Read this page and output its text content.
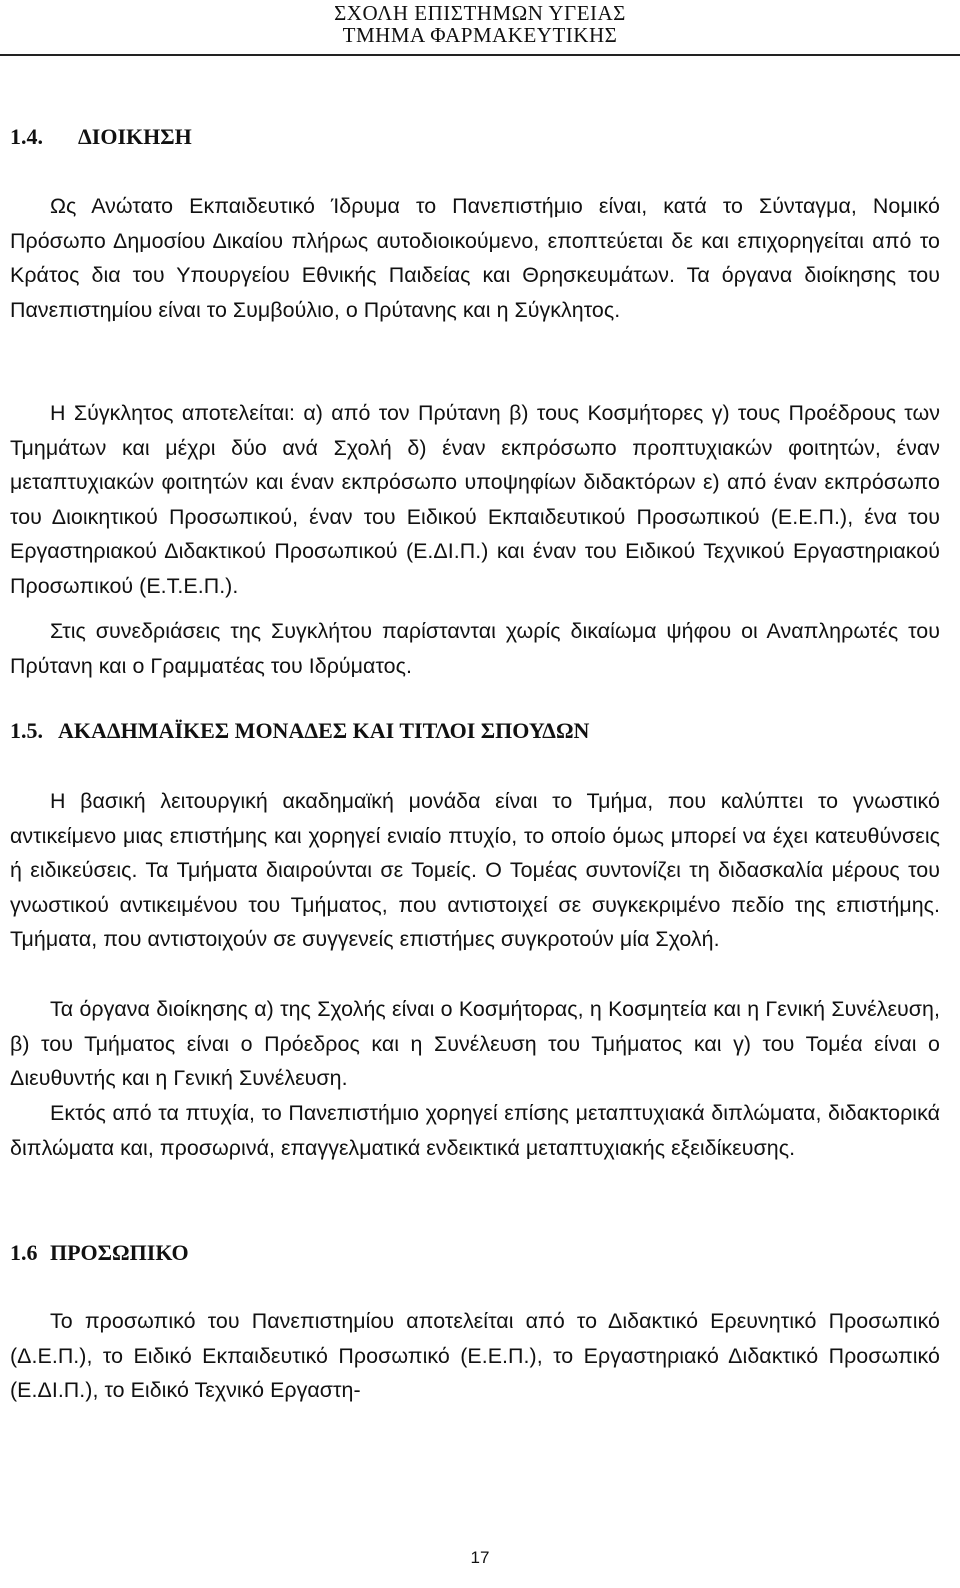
ΣΧΟΛΗ ΕΠΙΣΤΗΜΩΝ ΥΓΕΙΑΣ
ΤΜΗΜΑ ΦΑΡΜΑΚΕΥΤΙΚΗΣ
1.4. ΔΙΟΙΚΗΣΗ

Ως Ανώτατο Εκπαιδευτικό Ίδρυμα το Πανεπιστήμιο είναι, κατά το Σύνταγμα, Νομικό Πρόσωπο Δημοσίου Δικαίου πλήρως αυτοδιοικούμενο, εποπτεύεται δε και επιχορηγείται από το Κράτος δια του Υπουργείου Εθνικής Παιδείας και Θρησκευμάτων. Τα όργανα διοίκησης του Πανεπιστημίου είναι το Συμβούλιο, ο Πρύτανης και η Σύγκλητος.

Η Σύγκλητος αποτελείται: α) από τον Πρύτανη β) τους Κοσμήτορες γ) τους Προέδρους των Τμημάτων και μέχρι δύο ανά Σχολή δ) έναν εκπρόσωπο προπτυχιακών φοιτητών, έναν μεταπτυχιακών φοιτητών και έναν εκπρόσωπο υποψηφίων διδακτόρων ε) από έναν εκπρόσωπο του Διοικητικού Προσωπικού, έναν του Ειδικού Εκπαιδευτικού Προσωπικού (Ε.Ε.Π.), ένα του Εργαστηριακού Διδακτικού Προσωπικού (Ε.ΔΙ.Π.) και έναν του Ειδικού Τεχνικού Εργαστηριακού Προσωπικού (Ε.Τ.Ε.Π.).

Στις συνεδριάσεις της Συγκλήτου παρίστανται χωρίς δικαίωμα ψήφου οι Αναπληρωτές του Πρύτανη και ο Γραμματέας του Ιδρύματος.

1.5. ΑΚΑΔΗΜΑΪΚΕΣ ΜΟΝΑΔΕΣ ΚΑΙ ΤΙΤΛΟΙ ΣΠΟΥΔΩΝ

Η βασική λειτουργική ακαδημαϊκή μονάδα είναι το Τμήμα, που καλύπτει το γνωστικό αντικείμενο μιας επιστήμης και χορηγεί ενιαίο πτυχίο, το οποίο όμως μπορεί να έχει κατευθύνσεις ή ειδικεύσεις. Τα Τμήματα διαιρούνται σε Τομείς. Ο Τομέας συντονίζει τη διδασκαλία μέρους του γνωστικού αντικειμένου του Τμήματος, που αντιστοιχεί σε συγκεκριμένο πεδίο της επιστήμης. Τμήματα, που αντιστοιχούν σε συγγενείς επιστήμες συγκροτούν μία Σχολή.

Τα όργανα διοίκησης α) της Σχολής είναι ο Κοσμήτορας, η Κοσμητεία και η Γενική Συνέλευση, β) του Τμήματος είναι ο Πρόεδρος και η Συνέλευση του Τμήματος και γ) του Τομέα είναι ο Διευθυντής και η Γενική Συνέλευση.

Εκτός από τα πτυχία, το Πανεπιστήμιο χορηγεί επίσης μεταπτυχιακά διπλώματα, διδακτορικά διπλώματα και, προσωρινά, επαγγελματικά ενδεικτικά μεταπτυχιακής εξειδίκευσης.

1.6 ΠΡΟΣΩΠΙΚΟ

Το προσωπικό του Πανεπιστημίου αποτελείται από το Διδακτικό Ερευνητικό Προσωπικό (Δ.Ε.Π.), το Ειδικό Εκπαιδευτικό Προσωπικό (Ε.Ε.Π.), το Εργαστηριακό Διδακτικό Προσωπικό (Ε.ΔΙ.Π.), το Ειδικό Τεχνικό Εργαστη-

17
